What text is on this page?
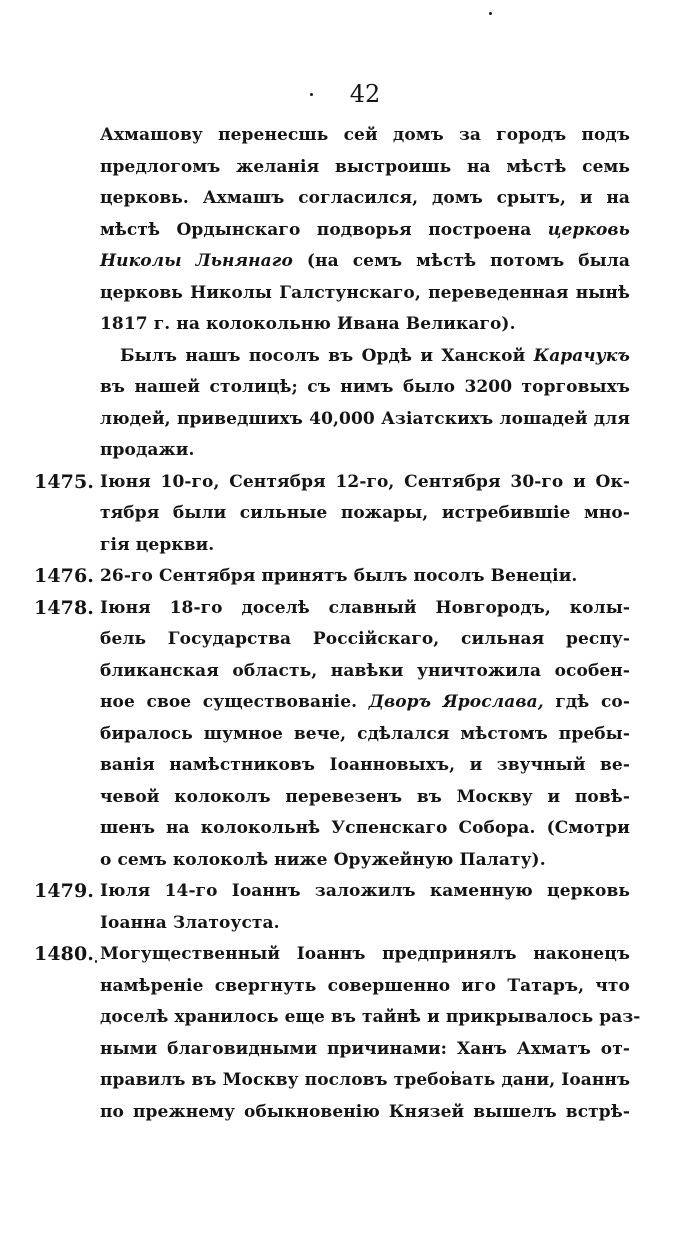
42
Ахмашову перенесшь сей домъ за городъ подъ
предлогомъ желанія выстроишь на мѣстѣ семь
церковь. Ахмашъ согласился, домъ срытъ, и на
мѣстѣ Ордынскаго подворья построена церковь
Николы Льнянаго (на семъ мѣстѣ потомъ была
церковь Николы Галстунскаго, переведенная нынѣ
1817 г. на колокольню Ивана Великаго).
Былъ нашъ посолъ въ Ордѣ и Ханской Карачукъ
въ нашей столицѣ; съ нимъ было 3200 торговыхъ
людей, приведшихъ 40,000 Азіатскихъ лошадей для
продажи.
1475. Іюня 10-го, Сентября 12-го, Сентября 30-го и Ок-
тября были сильные пожары, истребившіе мно-
гія церкви.
1476. 26-го Сентября принятъ былъ посолъ Венеціи.
1478. Іюня 18-го доселѣ славный Новгородъ, колы-
бель Государства Россійскаго, сильная респу-
бликанская область, навѣки уничтожила особен-
ное свое существованіе. Дворъ Ярослава, гдѣ со-
биралось шумное вече, сдѣлался мѣстомъ пребы-
ванія намѣстниковъ Іоанновыхъ, и звучный ве-
чевой колоколъ перевезенъ въ Москву и повѣ-
шенъ на колокольнѣ Успенскаго Собора. (Смотри
о семъ колоколѣ ниже Оружейную Палату).
1479. Іюля 14-го Іоаннъ заложилъ каменную церковь
Іоанна Златоуста.
1480. Могущественный Іоаннъ предпринялъ наконецъ
намѣреніе свергнуть совершенно иго Татаръ, что
доселѣ хранилось еще въ тайнѣ и прикрывалось раз-
ными благовидными причинами: Ханъ Ахматъ от-
правилъ въ Москву пословъ требовать дани, Іоаннъ
по прежнему обыкновенію Князей вышелъ встрѣ-
